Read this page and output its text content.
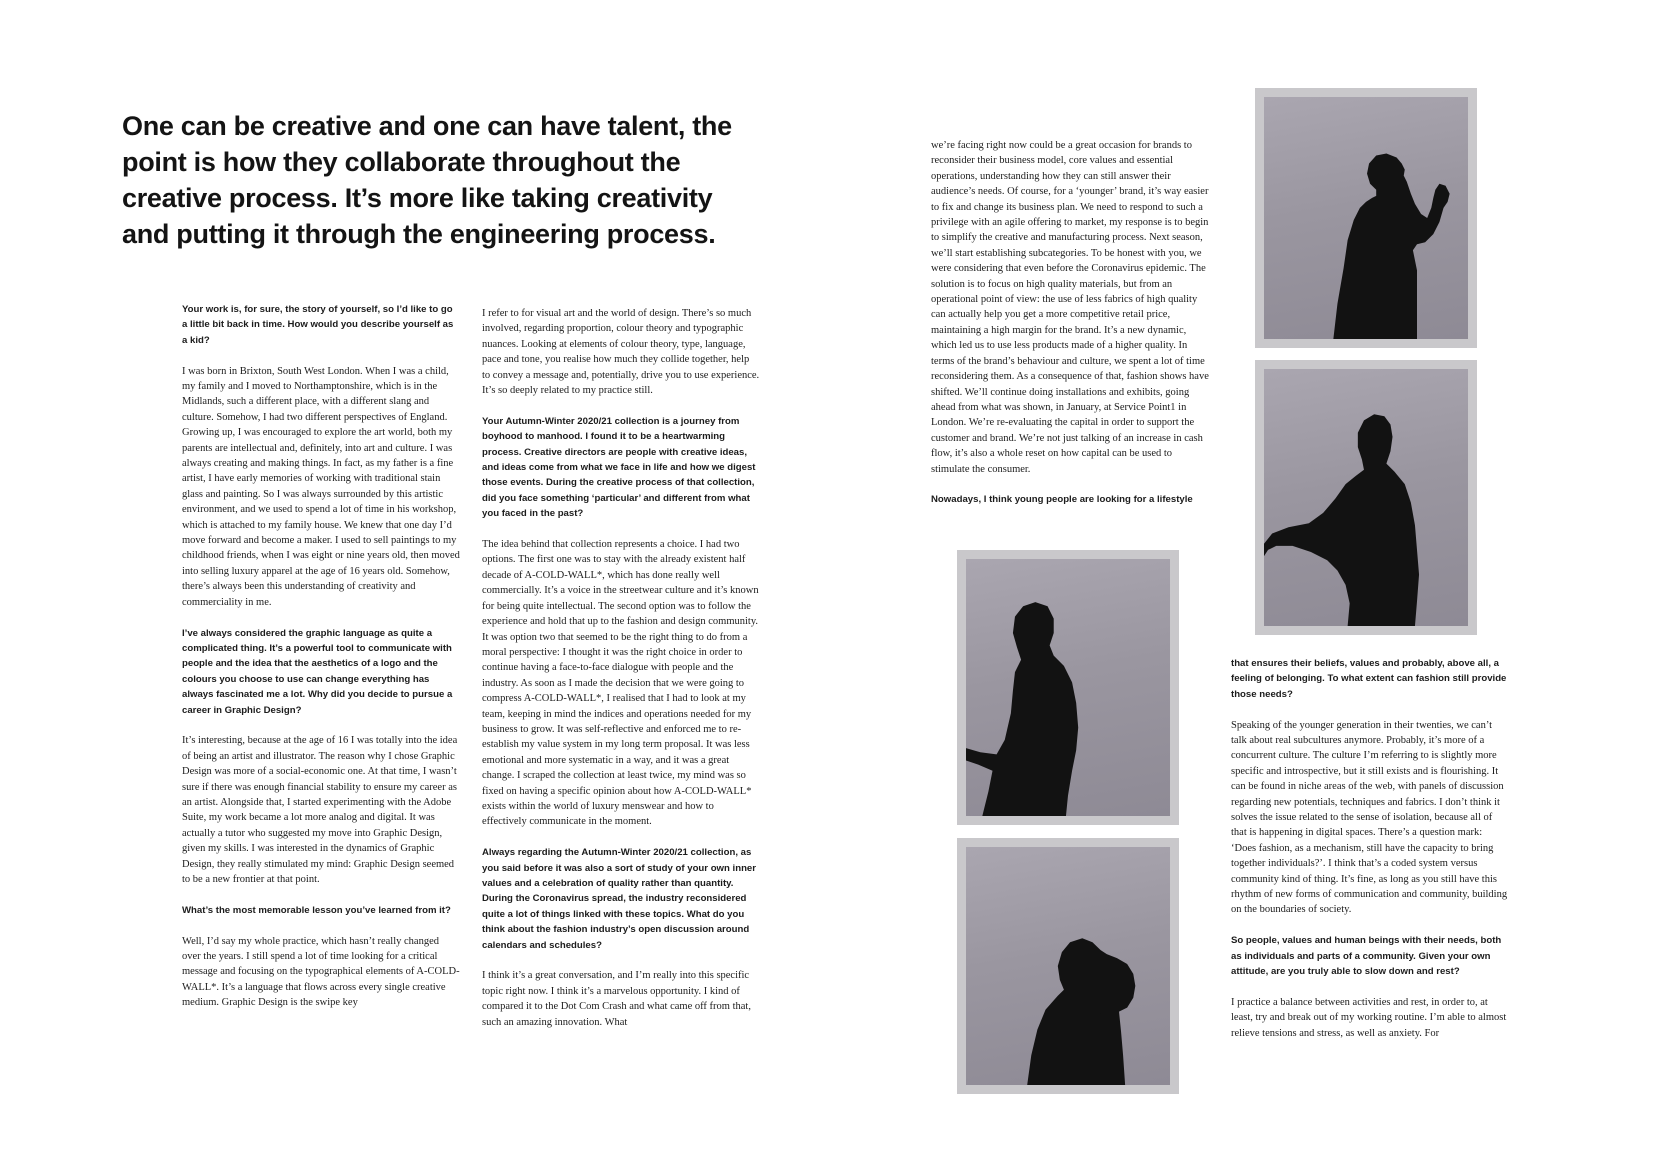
One can be creative and one can have talent, the point is how they collaborate throughout the creative process. It’s more like taking creativity and putting it through the engineering process.

Your work is, for sure, the story of yourself, so I’d like to go a little bit back in time. How would you describe yourself as a kid?

I was born in Brixton, South West London. When I was a child, my family and I moved to Northamptonshire, which is in the Midlands, such a different place, with a different slang and culture. Somehow, I had two different perspectives of England. Growing up, I was encouraged to explore the art world, both my parents are intellectual and, definitely, into art and culture. I was always creating and making things. In fact, as my father is a fine artist, I have early memories of working with traditional stain glass and painting. So I was always surrounded by this artistic environment, and we used to spend a lot of time in his workshop, which is attached to my family house. We knew that one day I’d move forward and become a maker. I used to sell paintings to my childhood friends, when I was eight or nine years old, then moved into selling luxury apparel at the age of 16 years old. Somehow, there’s always been this understanding of creativity and commerciality in me.

I’ve always considered the graphic language as quite a complicated thing. It’s a powerful tool to communicate with people and the idea that the aesthetics of a logo and the colours you choose to use can change everything has always fascinated me a lot. Why did you decide to pursue a career in Graphic Design?

It’s interesting, because at the age of 16 I was totally into the idea of being an artist and illustrator. The reason why I chose Graphic Design was more of a social-economic one. At that time, I wasn’t sure if there was enough financial stability to ensure my career as an artist. Alongside that, I started experimenting with the Adobe Suite, my work became a lot more analog and digital. It was actually a tutor who suggested my move into Graphic Design, given my skills. I was interested in the dynamics of Graphic Design, they really stimulated my mind: Graphic Design seemed to be a new frontier at that point.

What’s the most memorable lesson you’ve learned from it?

Well, I’d say my whole practice, which hasn’t really changed over the years. I still spend a lot of time looking for a critical message and focusing on the typographical elements of A-COLD-WALL*. It’s a language that flows across every single creative medium. Graphic Design is the swipe key

I refer to for visual art and the world of design. There’s so much involved, regarding proportion, colour theory and typographic nuances. Looking at elements of colour theory, type, language, pace and tone, you realise how much they collide together, help to convey a message and, potentially, drive you to use experience. It’s so deeply related to my practice still.

Your Autumn-Winter 2020/21 collection is a journey from boyhood to manhood. I found it to be a heartwarming process. Creative directors are people with creative ideas, and ideas come from what we face in life and how we digest those events. During the creative process of that collection, did you face something ‘particular’ and different from what you faced in the past?

The idea behind that collection represents a choice. I had two options. The first one was to stay with the already existent half decade of A-COLD-WALL*, which has done really well commercially. It’s a voice in the streetwear culture and it’s known for being quite intellectual. The second option was to follow the experience and hold that up to the fashion and design community. It was option two that seemed to be the right thing to do from a moral perspective: I thought it was the right choice in order to continue having a face-to-face dialogue with people and the industry. As soon as I made the decision that we were going to compress A-COLD-WALL*, I realised that I had to look at my team, keeping in mind the indices and operations needed for my business to grow. It was self-reflective and enforced me to re-establish my value system in my long term proposal. It was less emotional and more systematic in a way, and it was a great change. I scraped the collection at least twice, my mind was so fixed on having a specific opinion about how A-COLD-WALL* exists within the world of luxury menswear and how to effectively communicate in the moment.

Always regarding the Autumn-Winter 2020/21 collection, as you said before it was also a sort of study of your own inner values and a celebration of quality rather than quantity. During the Coronavirus spread, the industry reconsidered quite a lot of things linked with these topics. What do you think about the fashion industry’s open discussion around calendars and schedules?

I think it’s a great conversation, and I’m really into this specific topic right now. I think it’s a marvelous opportunity. I kind of compared it to the Dot Com Crash and what came off from that, such an amazing innovation. What

we’re facing right now could be a great occasion for brands to reconsider their business model, core values and essential operations, understanding how they can still answer their audience’s needs. Of course, for a ‘younger’ brand, it’s way easier to fix and change its business plan. We need to respond to such a privilege with an agile offering to market, my response is to begin to simplify the creative and manufacturing process. Next season, we’ll start establishing subcategories. To be honest with you, we were considering that even before the Coronavirus epidemic. The solution is to focus on high quality materials, but from an operational point of view: the use of less fabrics of high quality can actually help you get a more competitive retail price, maintaining a high margin for the brand. It’s a new dynamic, which led us to use less products made of a higher quality. In terms of the brand’s behaviour and culture, we spent a lot of time reconsidering them. As a consequence of that, fashion shows have shifted. We’ll continue doing installations and exhibits, going ahead from what was shown, in January, at Service Point1 in London. We’re re-evaluating the capital in order to support the customer and brand. We’re not just talking of an increase in cash flow, it’s also a whole reset on how capital can be used to stimulate the consumer.

Nowadays, I think young people are looking for a lifestyle

that ensures their beliefs, values and probably, above all, a feeling of belonging. To what extent can fashion still provide those needs?

Speaking of the younger generation in their twenties, we can’t talk about real subcultures anymore. Probably, it’s more of a concurrent culture. The culture I’m referring to is slightly more specific and introspective, but it still exists and is flourishing. It can be found in niche areas of the web, with panels of discussion regarding new potentials, techniques and fabrics. I don’t think it solves the issue related to the sense of isolation, because all of that is happening in digital spaces. There’s a question mark: ‘Does fashion, as a mechanism, still have the capacity to bring together individuals?’. I think that’s a coded system versus community kind of thing. It’s fine, as long as you still have this rhythm of new forms of communication and community, building on the boundaries of society.

So people, values and human beings with their needs, both as individuals and parts of a community. Given your own attitude, are you truly able to slow down and rest?

I practice a balance between activities and rest, in order to, at least, try and break out of my working routine. I’m able to almost relieve tensions and stress, as well as anxiety. For
